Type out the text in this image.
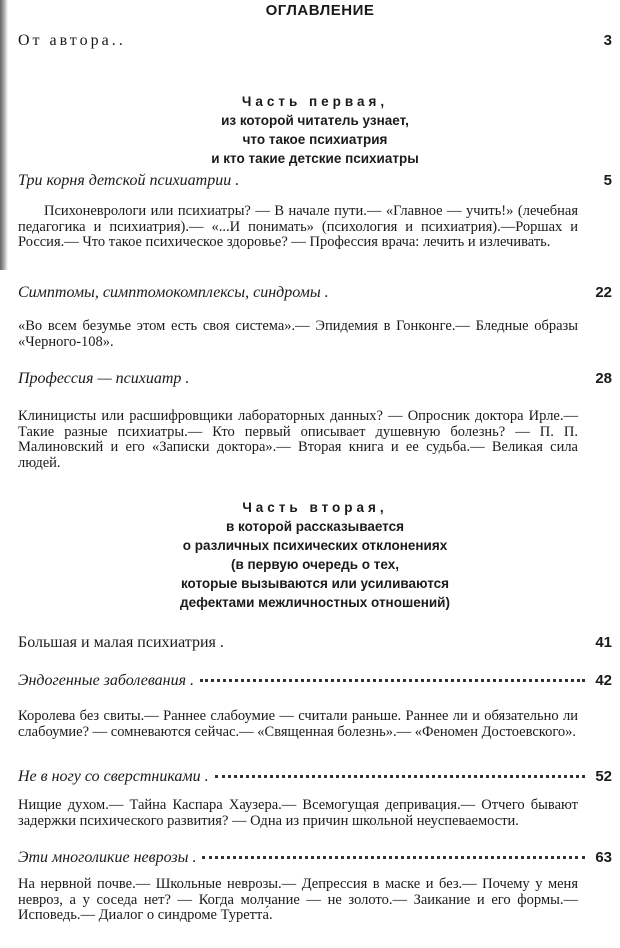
ОГЛАВЛЕНИЕ
От автора..	3
Часть первая,
из которой читатель узнает,
что такое психиатрия
и кто такие детские психиатры
Три корня детской психиатрии .	5
Психоневрологи или психиатры? — В начале пути.— «Главное — учить!» (лечебная педагогика и психиатрия).— «...И понимать» (психология и психиатрия).—Роршах и Россия.— Что такое психическое здоровье? — Профессия врача: лечить и излечивать.
Симптомы, симптомокомплексы, синдромы .	22
«Во всем безумье этом есть своя система».— Эпидемия в Гонконге.— Бледные образы «Черного-108».
Профессия — психиатр .	28
Клиницисты или расшифровщики лабораторных данных? — Опросник доктора Ирле.— Такие разные психиатры.— Кто первый описывает душевную болезнь? — П. П. Малиновский и его «Записки доктора».— Вторая книга и ее судьба.— Великая сила людей.
Часть вторая,
в которой рассказывается
о различных психических отклонениях
(в первую очередь о тех,
которые вызываются или усиливаются
дефектами межличностных отношений)
Большая и малая психиатрия .	41
Эндогенные заболевания .	42
Королева без свиты.— Раннее слабоумие — считали раньше. Раннее ли и обязательно ли слабоумие? — сомневаются сейчас.— «Священная болезнь».— «Феномен Достоевского».
Не в ногу со сверстниками .	52
Нищие духом.— Тайна Каспара Хаузера.— Всемогущая депривация.— Отчего бывают задержки психического развития? — Одна из причин школьной неуспеваемости.
Эти многоликие неврозы .	63
На нервной почве.— Школьные неврозы.— Депрессия в маске и без.— Почему у меня невроз, а у соседа нет? — Когда молчание — не золото.— Заикание и его формы.— Исповедь.— Диалог о синдроме Туретта́.
